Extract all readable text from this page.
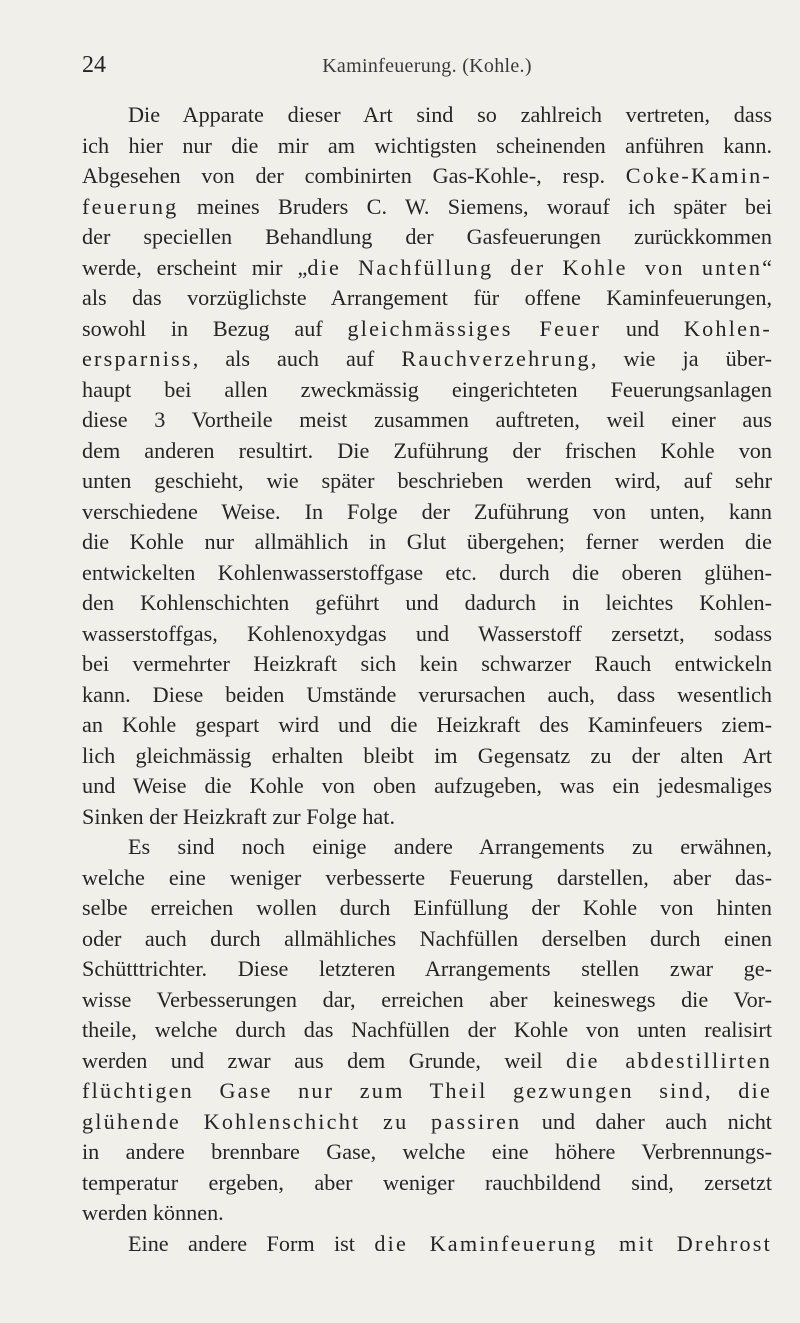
24	Kaminfeuerung. (Kohle.)
Die Apparate dieser Art sind so zahlreich vertreten, dass
ich hier nur die mir am wichtigsten scheinenden anführen kann.
Abgesehen von der combinirten Gas-Kohle-, resp. Coke-Kamin-
feuerung meines Bruders C. W. Siemens, worauf ich später bei
der speciellen Behandlung der Gasfeuerungen zurückkommen
werde, erscheint mir „die Nachfüllung der Kohle von unten“
als das vorzüglichste Arrangement für offene Kaminfeuerungen,
sowohl in Bezug auf gleichmässiges Feuer und Kohlen-
ersparniss, als auch auf Rauchverzehrung, wie ja über-
haupt bei allen zweckmässig eingerichteten Feuerungsanlagen
diese 3 Vortheile meist zusammen auftreten, weil einer aus
dem anderen resultirt. Die Zuführung der frischen Kohle von
unten geschieht, wie später beschrieben werden wird, auf sehr
verschiedene Weise. In Folge der Zuführung von unten, kann
die Kohle nur allmählich in Glut übergehen; ferner werden die
entwickelten Kohlenwasserstoffgase etc. durch die oberen glühen-
den Kohlenschichten geführt und dadurch in leichtes Kohlen-
wasserstoffgas, Kohlenoxydgas und Wasserstoff zersetzt, sodass
bei vermehrter Heizkraft sich kein schwarzer Rauch entwickeln
kann. Diese beiden Umstände verursachen auch, dass wesentlich
an Kohle gespart wird und die Heizkraft des Kaminfeuers ziem-
lich gleichmässig erhalten bleibt im Gegensatz zu der alten Art
und Weise die Kohle von oben aufzugeben, was ein jedesmaliges
Sinken der Heizkraft zur Folge hat.
Es sind noch einige andere Arrangements zu erwähnen,
welche eine weniger verbesserte Feuerung darstellen, aber das-
selbe erreichen wollen durch Einfüllung der Kohle von hinten
oder auch durch allmähliches Nachfüllen derselben durch einen
Schütttrichter. Diese letzteren Arrangements stellen zwar ge-
wisse Verbesserungen dar, erreichen aber keineswegs die Vor-
theile, welche durch das Nachfüllen der Kohle von unten realisirt
werden und zwar aus dem Grunde, weil die abdestillirten
flüchtigen Gase nur zum Theil gezwungen sind, die
glühende Kohlenschicht zu passiren und daher auch nicht
in andere brennbare Gase, welche eine höhere Verbrennungs-
temperatur ergeben, aber weniger rauchbildend sind, zersetzt
werden können.
Eine andere Form ist die Kaminfeuerung mit Drehrost
